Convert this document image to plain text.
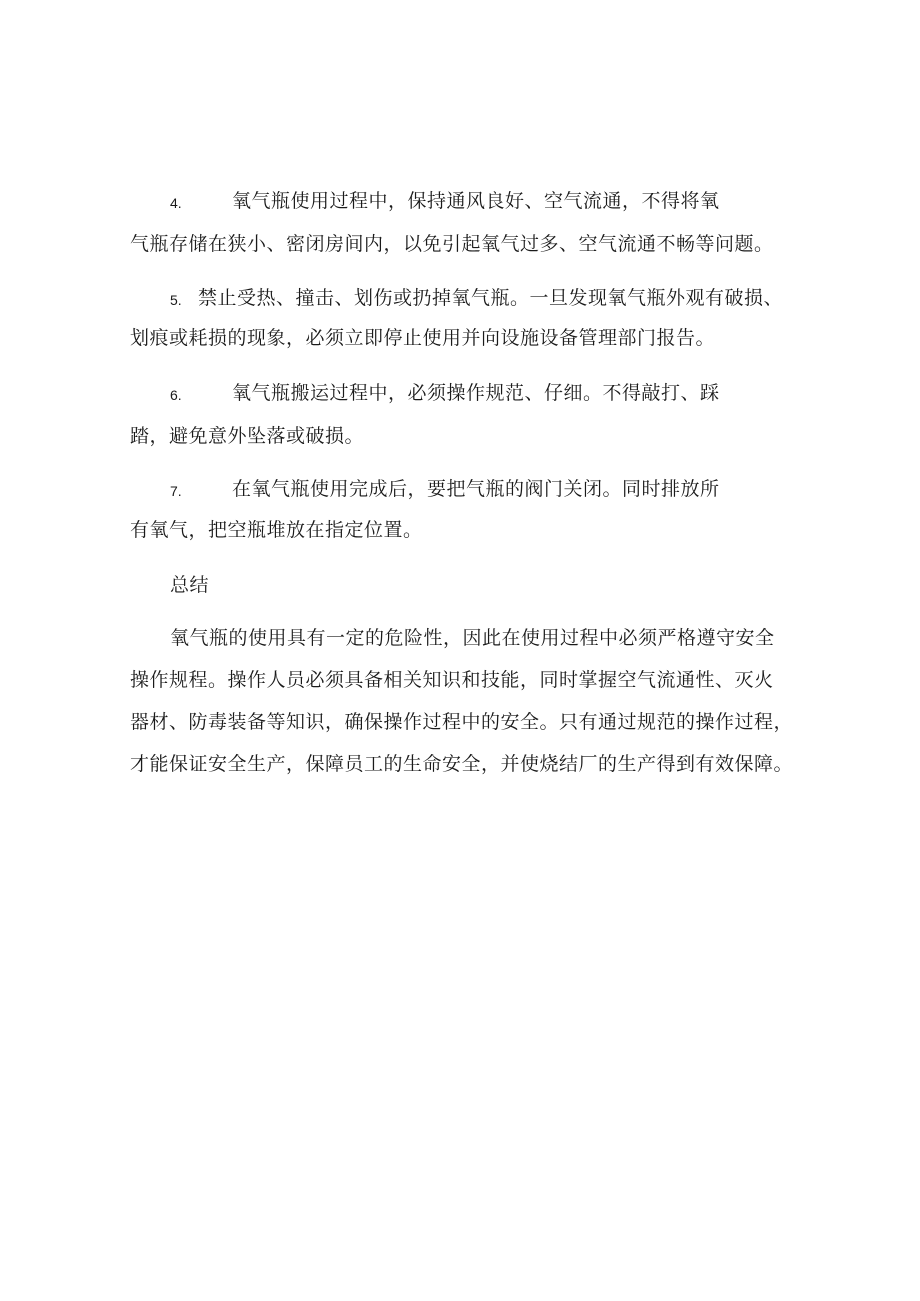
4.	氧气瓶使用过程中，保持通风良好、空气流通，不得将氧
气瓶存储在狭小、密闭房间内，以免引起氧气过多、空气流通不畅等问题。
5. 禁止受热、撞击、划伤或扔掉氧气瓶。一旦发现氧气瓶外观有破损、
划痕或耗损的现象，必须立即停止使用并向设施设备管理部门报告。
6.	氧气瓶搬运过程中，必须操作规范、仔细。不得敲打、踩
踏，避免意外坠落或破损。
7.	在氧气瓶使用完成后，要把气瓶的阀门关闭。同时排放所
有氧气，把空瓶堆放在指定位置。
总结
氧气瓶的使用具有一定的危险性，因此在使用过程中必须严格遵守安全
操作规程。操作人员必须具备相关知识和技能，同时掌握空气流通性、灭火
器材、防毒装备等知识，确保操作过程中的安全。只有通过规范的操作过程，
才能保证安全生产，保障员工的生命安全，并使烧结厂的生产得到有效保障。
